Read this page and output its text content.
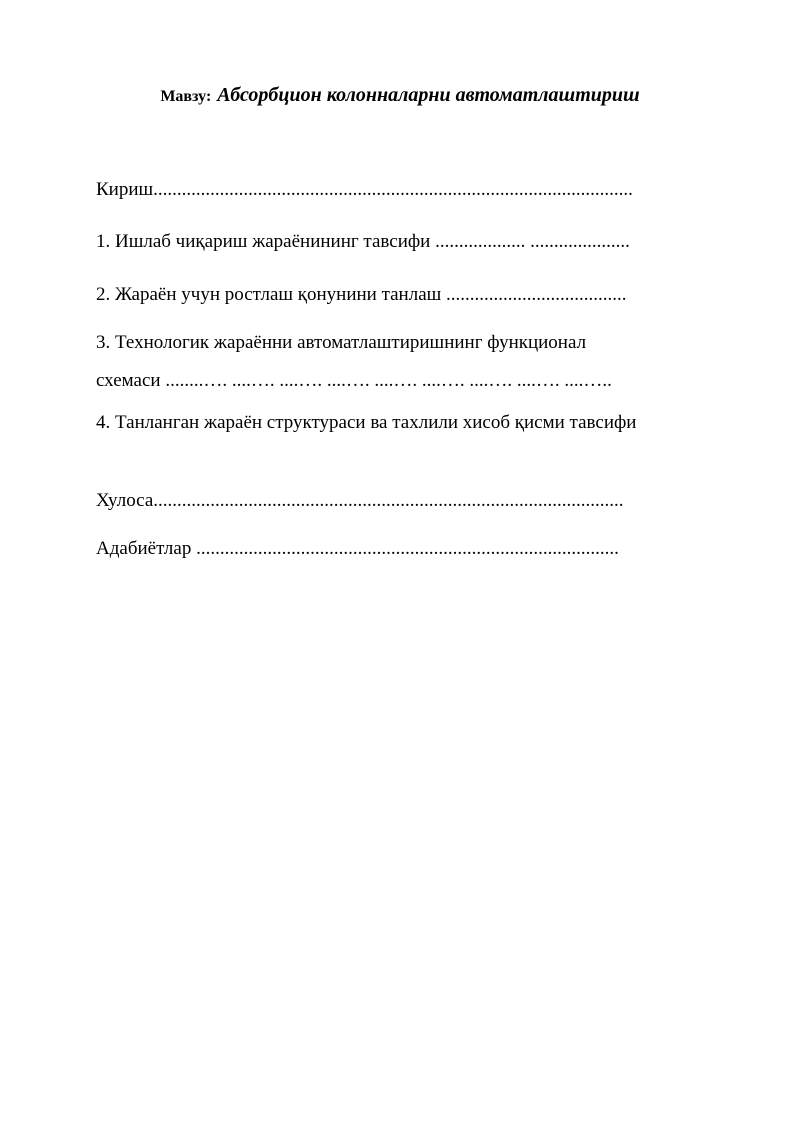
Мавзу: Абсорбцион колонналарни автоматлаштириш
Кириш.....................................................................................................
1. Ишлаб чиқариш жараёнининг тавсифи ................... .....................
2. Жараён учун ростлаш қонунини танлаш ......................................
3. Технологик жараённи автоматлаштиришнинг функционал
схемаси ........…. ....…. ....…. ....…. ....…. ....…. ....…. ....…. ....…..
4. Танланган жараён структураси ва тахлили хисоб қисми тавсифи
Хулоса...................................................................................................
Адабиётлар .........................................................................................
